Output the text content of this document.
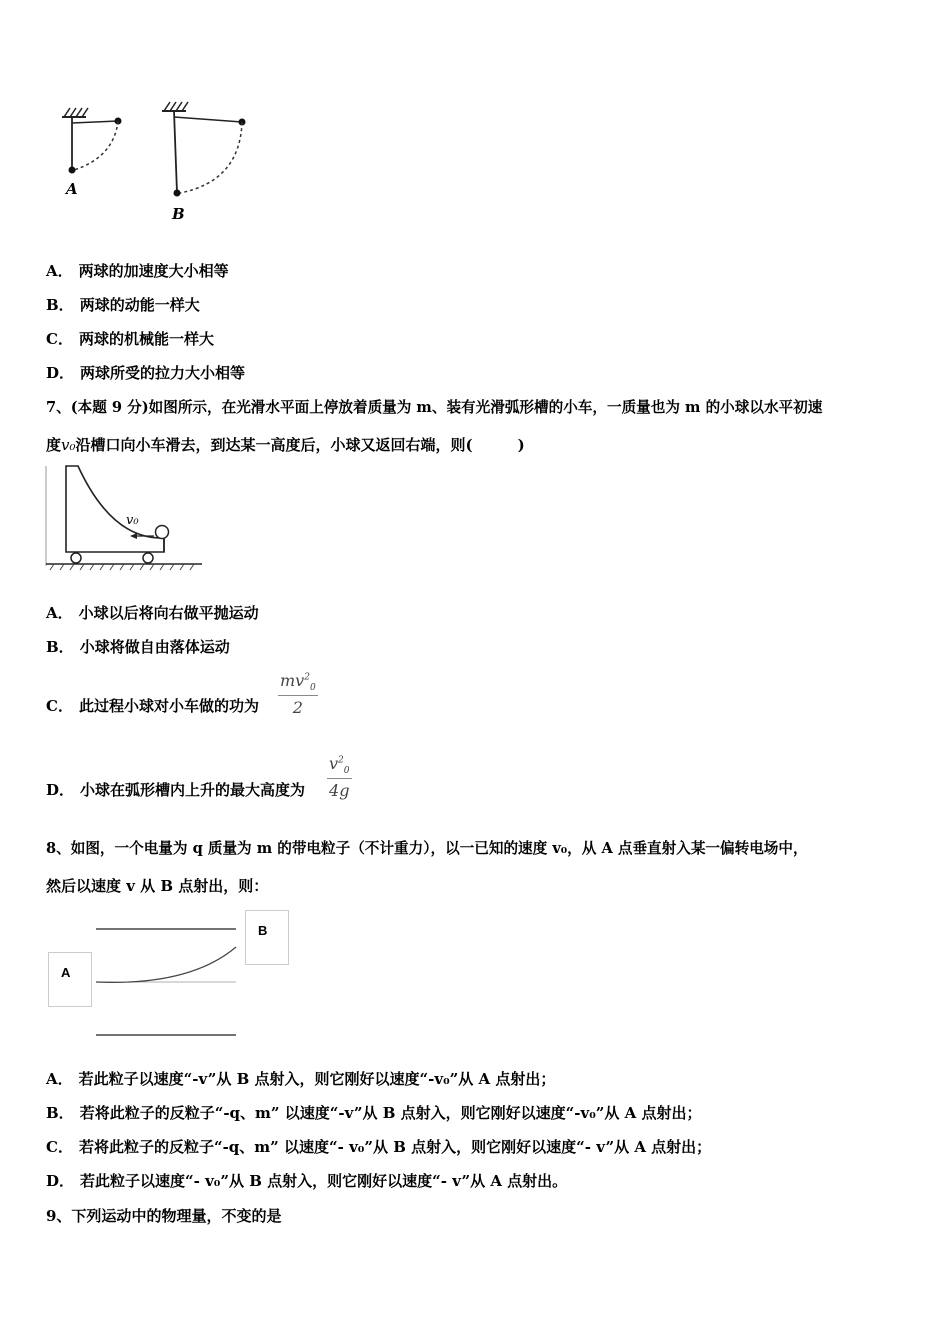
A
B
A． 两球的加速度大小相等
B． 两球的动能一样大
C． 两球的机械能一样大
D． 两球所受的拉力大小相等
7、(本题 9 分)如图所示，在光滑水平面上停放着质量为 m、装有光滑弧形槽的小车，一质量也为 m 的小球以水平初速
度v₀沿槽口向小车滑去，到达某一高度后，小球又返回右端，则(　　　)
v₀
A． 小球以后将向右做平抛运动
B． 小球将做自由落体运动
C． 此过程小球对小车做的功为 $\frac{mv^2_0}{2}$
D． 小球在弧形槽内上升的最大高度为 $\frac{v^2_0}{4g}$
8、如图，一个电量为 q 质量为 m 的带电粒子（不计重力），以一已知的速度 v₀，从 A 点垂直射入某一偏转电场中，
然后以速度 v 从 B 点射出，则：
A
B
A． 若此粒子以速度“-v”从 B 点射入，则它刚好以速度“-v₀”从 A 点射出；
B． 若将此粒子的反粒子“-q、m” 以速度“-v”从 B 点射入，则它刚好以速度“-v₀”从 A 点射出；
C． 若将此粒子的反粒子“-q、m” 以速度“- v₀”从 B 点射入，则它刚好以速度“- v”从 A 点射出；
D． 若此粒子以速度“- v₀”从 B 点射入，则它刚好以速度“- v”从 A 点射出。
9、下列运动中的物理量，不变的是
